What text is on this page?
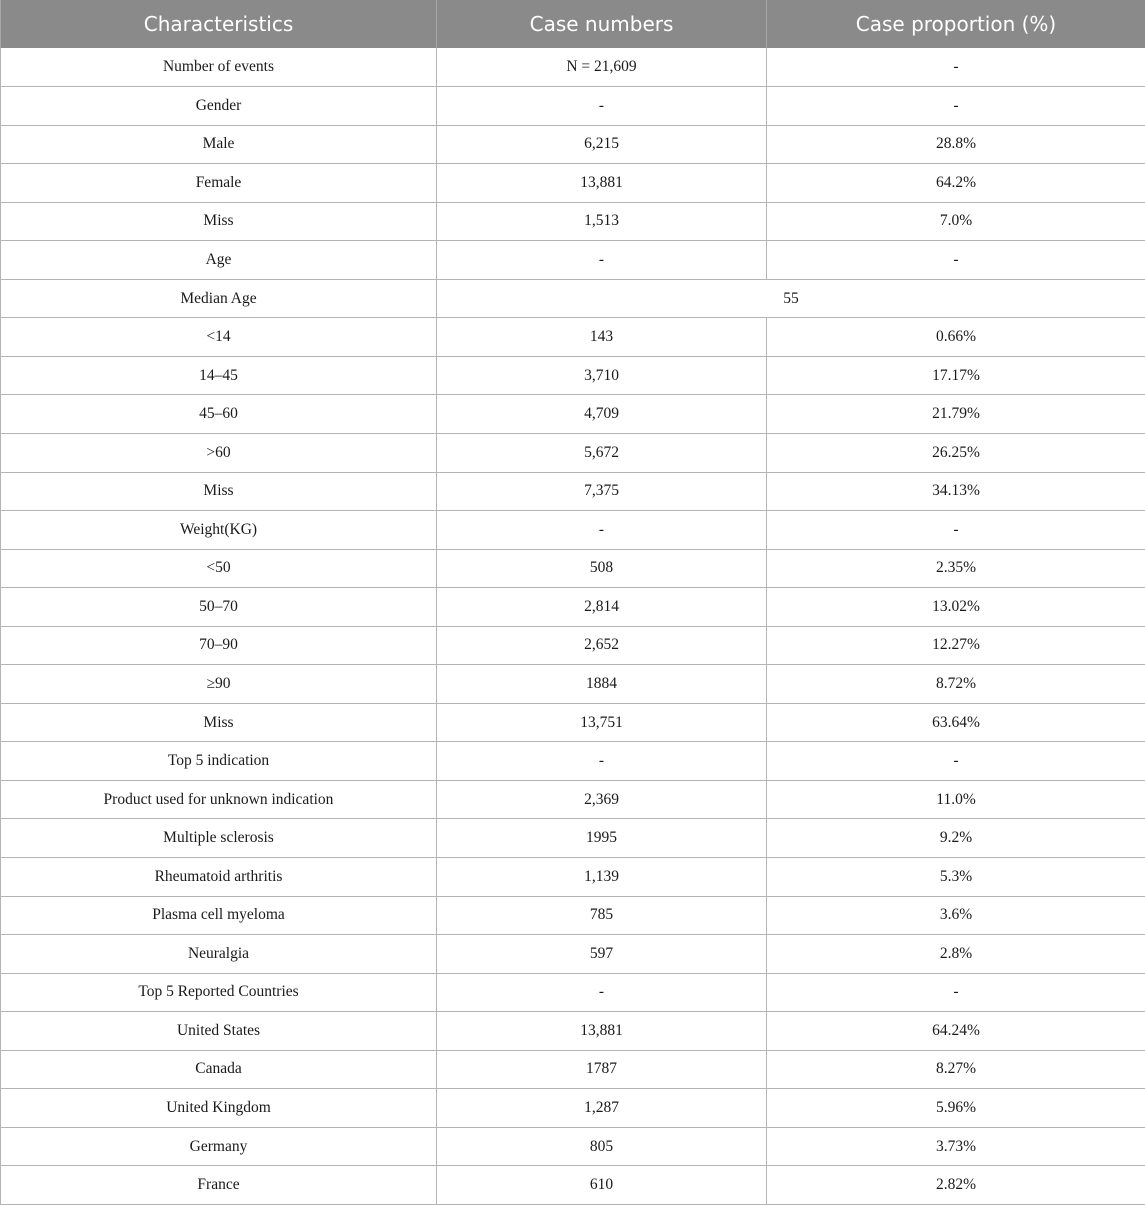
Characteristics	Case numbers	Case proportion (%)
Number of events	N = 21,609	-
Gender	-	-
Male	6,215	28.8%
Female	13,881	64.2%
Miss	1,513	7.0%
Age	-	-
Median Age	55	
<14	143	0.66%
14–45	3,710	17.17%
45–60	4,709	21.79%
>60	5,672	26.25%
Miss	7,375	34.13%
Weight(KG)	-	-
<50	508	2.35%
50–70	2,814	13.02%
70–90	2,652	12.27%
≥90	1884	8.72%
Miss	13,751	63.64%
Top 5 indication	-	-
Product used for unknown indication	2,369	11.0%
Multiple sclerosis	1995	9.2%
Rheumatoid arthritis	1,139	5.3%
Plasma cell myeloma	785	3.6%
Neuralgia	597	2.8%
Top 5 Reported Countries	-	-
United States	13,881	64.24%
Canada	1787	8.27%
United Kingdom	1,287	5.96%
Germany	805	3.73%
France	610	2.82%
